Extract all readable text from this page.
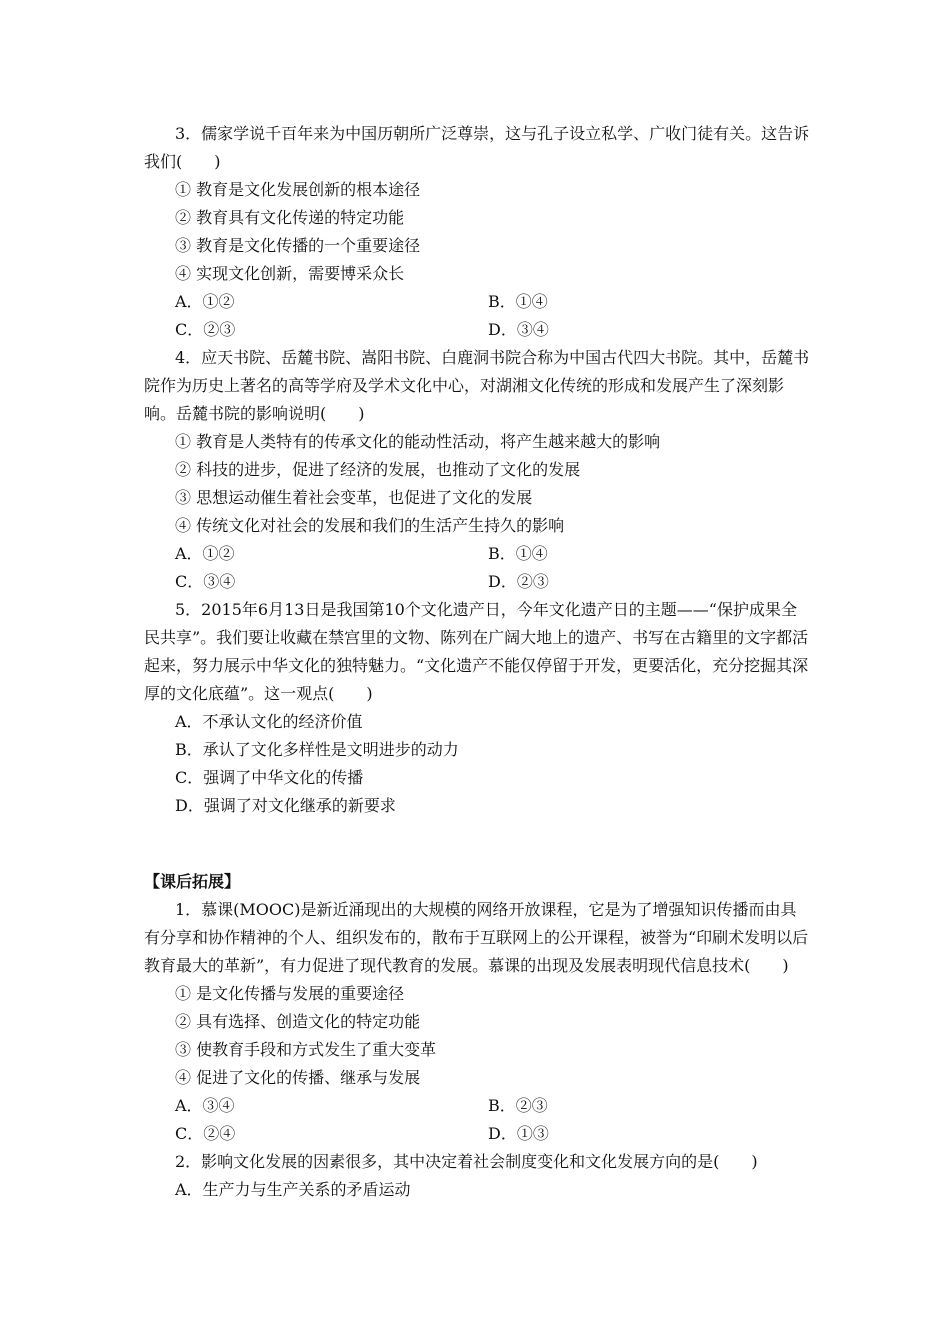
3．儒家学说千百年来为中国历朝所广泛尊崇，这与孔子设立私学、广收门徒有关。这告诉我们(　　)
① 教育是文化发展创新的根本途径
② 教育具有文化传递的特定功能
③ 教育是文化传播的一个重要途径
④ 实现文化创新，需要博采众长
A．①②	B．①④
C．②③	D．③④
4．应天书院、岳麓书院、嵩阳书院、白鹿洞书院合称为中国古代四大书院。其中，岳麓书院作为历史上著名的高等学府及学术文化中心，对湖湘文化传统的形成和发展产生了深刻影响。岳麓书院的影响说明(　　)
① 教育是人类特有的传承文化的能动性活动，将产生越来越大的影响
② 科技的进步，促进了经济的发展，也推动了文化的发展
③ 思想运动催生着社会变革，也促进了文化的发展
④ 传统文化对社会的发展和我们的生活产生持久的影响
A．①②	B．①④
C．③④	D．②③
5．2015年6月13日是我国第10个文化遗产日，今年文化遗产日的主题——“保护成果全民共享”。我们要让收藏在禁宫里的文物、陈列在广阔大地上的遗产、书写在古籍里的文字都活起来，努力展示中华文化的独特魅力。“文化遗产不能仅停留于开发，更要活化，充分挖掘其深厚的文化底蕴”。这一观点(　　)
A．不承认文化的经济价值
B．承认了文化多样性是文明进步的动力
C．强调了中华文化的传播
D．强调了对文化继承的新要求
【课后拓展】
1．慕课(MOOC)是新近涌现出的大规模的网络开放课程，它是为了增强知识传播而由具有分享和协作精神的个人、组织发布的，散布于互联网上的公开课程，被誉为“印刷术发明以后教育最大的革新”，有力促进了现代教育的发展。慕课的出现及发展表明现代信息技术(　　)
① 是文化传播与发展的重要途径
② 具有选择、创造文化的特定功能
③ 使教育手段和方式发生了重大变革
④ 促进了文化的传播、继承与发展
A．③④	B．②③
C．②④	D．①③
2．影响文化发展的因素很多，其中决定着社会制度变化和文化发展方向的是(　　)
A．生产力与生产关系的矛盾运动
